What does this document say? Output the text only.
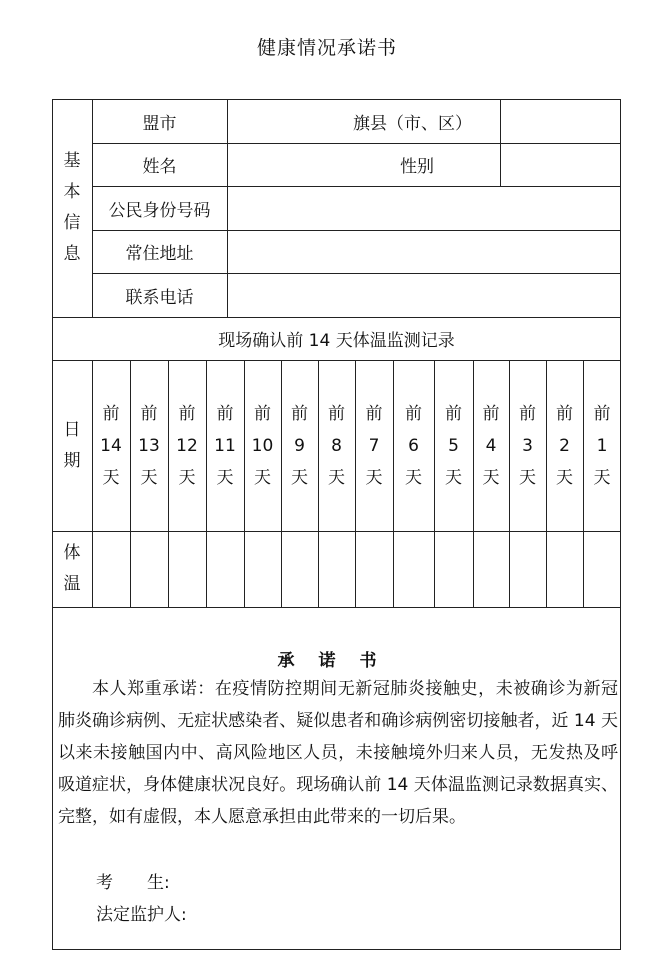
健康情况承诺书
基本信息
盟市	旗县（市、区）
姓名	性别
公民身份号码
常住地址
联系电话
现场确认前 14 天体温监测记录
日期
体温
前
14
天
前
13
天
前
12
天
前
11
天
前
10
天
前
9
天
前
8
天
前
7
天
前
6
天
前
5
天
前
4
天
前
3
天
前
2
天
前
1
天
承 诺 书
本人郑重承诺：在疫情防控期间无新冠肺炎接触史，未被确诊为新冠肺炎确诊病例、无症状感染者、疑似患者和确诊病例密切接触者，近 14 天以来未接触国内中、高风险地区人员，未接触境外归来人员，无发热及呼吸道症状，身体健康状况良好。现场确认前 14 天体温监测记录数据真实、完整，如有虚假，本人愿意承担由此带来的一切后果。
考　　生:
法定监护人:
